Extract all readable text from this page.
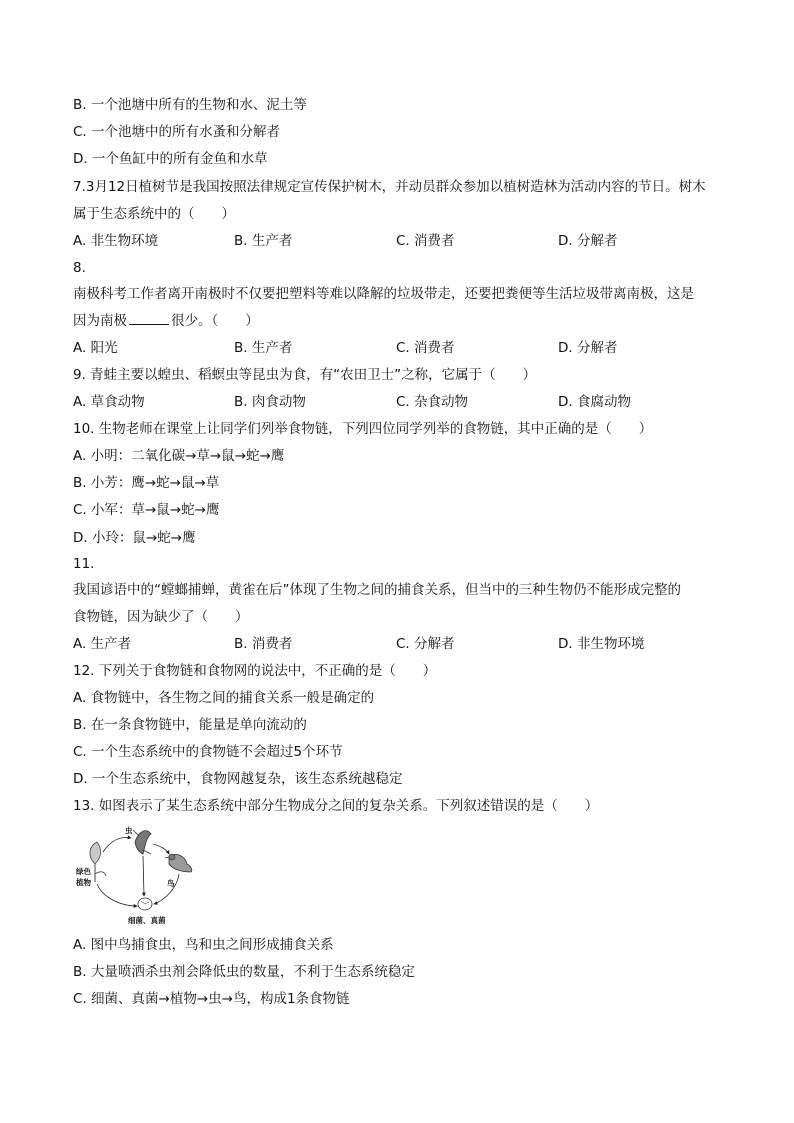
B. 一个池塘中所有的生物和水、泥土等
C. 一个池塘中的所有水蚤和分解者
D. 一个鱼缸中的所有金鱼和水草
7.3月12日植树节是我国按照法律规定宣传保护树木，并动员群众参加以植树造林为活动内容的节日。树木
属于生态系统中的（　　）
A. 非生物环境	B. 生产者	C. 消费者	D. 分解者
8.
南极科考工作者离开南极时不仅要把塑料等难以降解的垃圾带走，还要把粪便等生活垃圾带离南极，这是
因为南极	很少。（　　）
A. 阳光	B. 生产者	C. 消费者	D. 分解者
9. 青蛙主要以蝗虫、稻螟虫等昆虫为食，有“农田卫士”之称，它属于（　　）
A. 草食动物	B. 肉食动物	C. 杂食动物	D. 食腐动物
10. 生物老师在课堂上让同学们列举食物链，下列四位同学列举的食物链，其中正确的是（　　）
A. 小明：二氧化碳→草→鼠→蛇→鹰
B. 小芳：鹰→蛇→鼠→草
C. 小军：草→鼠→蛇→鹰
D. 小玲：鼠→蛇→鹰
11.
我国谚语中的“螳螂捕蝉，黄雀在后”体现了生物之间的捕食关系，但当中的三种生物仍不能形成完整的
食物链，因为缺少了（　　）
A. 生产者	B. 消费者	C. 分解者	D. 非生物环境
12. 下列关于食物链和食物网的说法中，不正确的是（　　）
A. 食物链中，各生物之间的捕食关系一般是确定的
B. 在一条食物链中，能量是单向流动的
C. 一个生态系统中的食物链不会超过5个环节
D. 一个生态系统中，食物网越复杂，该生态系统越稳定
13. 如图表示了某生态系统中部分生物成分之间的复杂关系。下列叙述错误的是（　　）
绿色
植物
虫
鸟
细菌、真菌
A. 图中鸟捕食虫，鸟和虫之间形成捕食关系
B. 大量喷洒杀虫剂会降低虫的数量，不利于生态系统稳定
C. 细菌、真菌→植物→虫→鸟，构成1条食物链
